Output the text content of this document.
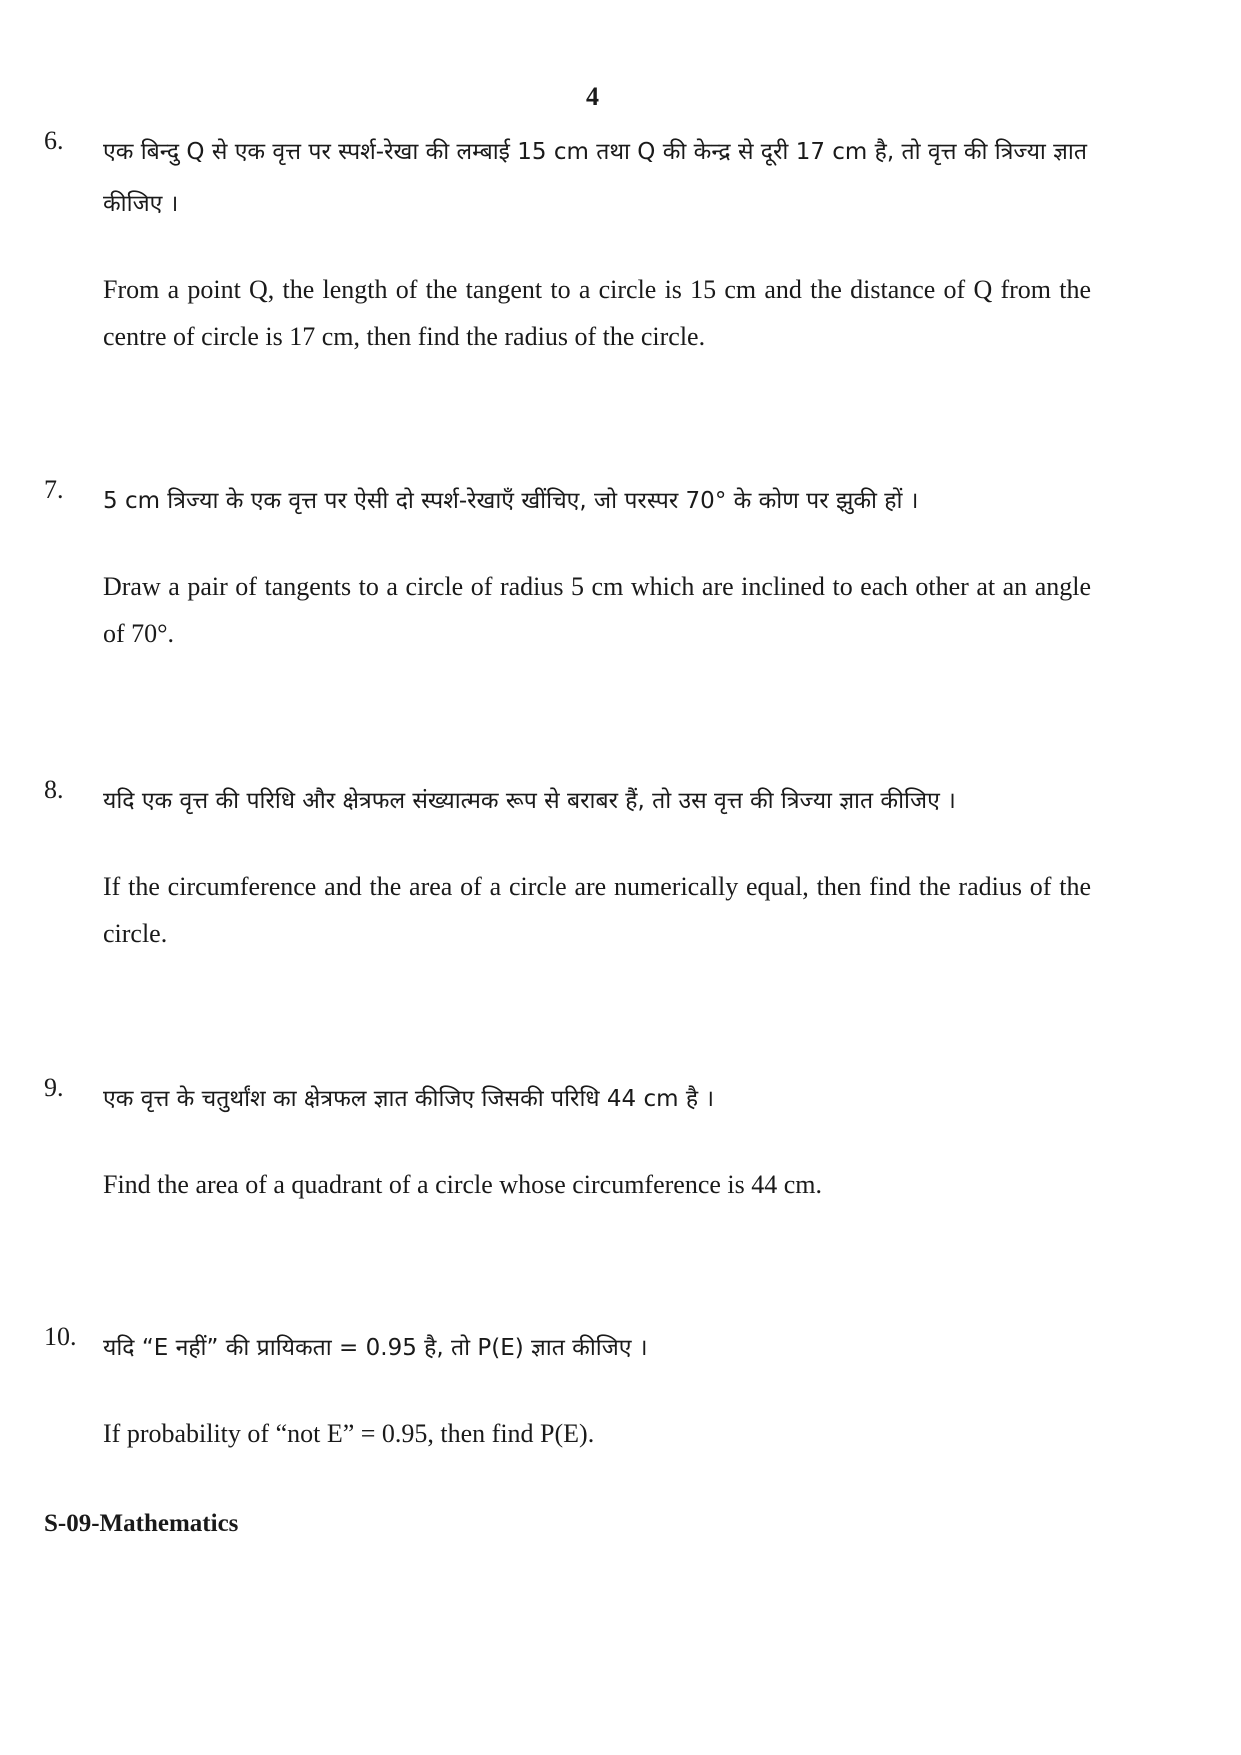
4
6. एक बिन्दु Q से एक वृत्त पर स्पर्श-रेखा की लम्बाई 15 cm तथा Q की केन्द्र से दूरी 17 cm है, तो वृत्त की त्रिज्या ज्ञात कीजिए ।

From a point Q, the length of the tangent to a circle is 15 cm and the distance of Q from the centre of circle is 17 cm, then find the radius of the circle.

7. 5 cm त्रिज्या के एक वृत्त पर ऐसी दो स्पर्श-रेखाएँ खींचिए, जो परस्पर 70° के कोण पर झुकी हों ।

Draw a pair of tangents to a circle of radius 5 cm which are inclined to each other at an angle of 70°.

8. यदि एक वृत्त की परिधि और क्षेत्रफल संख्यात्मक रूप से बराबर हैं, तो उस वृत्त की त्रिज्या ज्ञात कीजिए ।

If the circumference and the area of a circle are numerically equal, then find the radius of the circle.

9. एक वृत्त के चतुर्थांश का क्षेत्रफल ज्ञात कीजिए जिसकी परिधि 44 cm है ।

Find the area of a quadrant of a circle whose circumference is 44 cm.

10. यदि “E नहीं” की प्रायिकता = 0.95 है, तो P(E) ज्ञात कीजिए ।

If probability of “not E” = 0.95, then find P(E).

S-09-Mathematics
